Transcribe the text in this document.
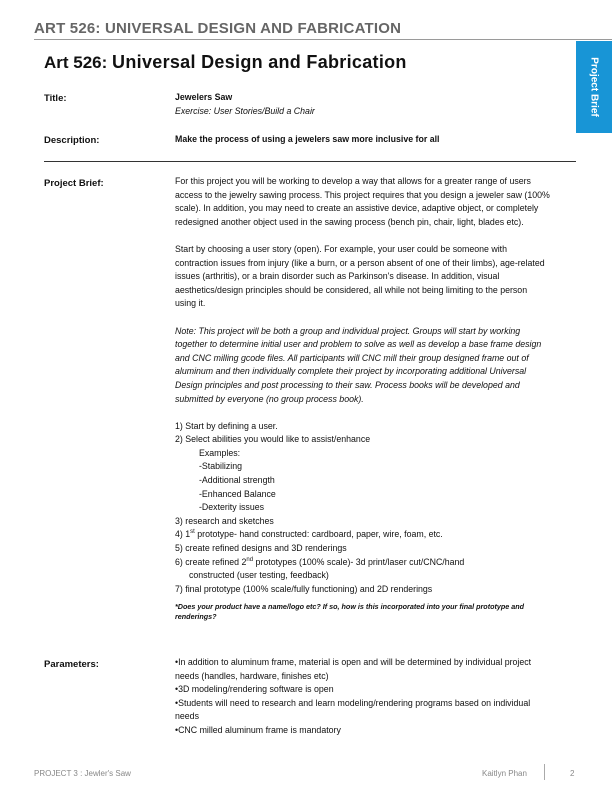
ART 526: UNIVERSAL DESIGN AND FABRICATION
Project Brief
Art 526: Universal Design and Fabrication
Title:	Jewelers Saw
Exercise: User Stories/Build a Chair
Description:	Make the process of using a jewelers saw more inclusive for all
Project Brief:	For this project you will be working to develop a way that allows for a greater range of users access to the jewelry sawing process. This project requires that you design a jeweler saw (100% scale). In addition, you may need to create an assistive device, adaptive object, or completely redesigned another object used in the sawing process (bench pin, chair, light, blades etc).

Start by choosing a user story (open). For example, your user could be someone with contraction issues from injury (like a burn, or a person absent of one of their limbs), age-related issues (arthritis), or a brain disorder such as Parkinson's disease. In addition, visual aesthetics/design principles should be considered, all while not being limiting to the person using it.

Note: This project will be both a group and individual project. Groups will start by working together to determine initial user and problem to solve as well as develop a base frame design and CNC milling gcode files. All participants will CNC mill their group designed frame out of aluminum and then individually complete their project by incorporating additional Universal Design principles and post processing to their saw. Process books will be developed and submitted by everyone (no group process book).

1) Start by defining a user.
2) Select abilities you would like to assist/enhance
Examples:
-Stabilizing
-Additional strength
-Enhanced Balance
-Dexterity issues
3) research and sketches
4) 1st prototype- hand constructed: cardboard, paper, wire, foam, etc.
5) create refined designs and 3D renderings
6) create refined 2nd prototypes (100% scale)- 3d print/laser cut/CNC/hand
constructed (user testing, feedback)
7) final prototype (100% scale/fully functioning) and 2D renderings
*Does your product have a name/logo etc? If so, how is this incorporated into your final prototype and renderings?
Parameters:	•In addition to aluminum frame, material is open and will be determined by individual project needs (handles, hardware, finishes etc)
•3D modeling/rendering software is open
•Students will need to research and learn modeling/rendering programs based on individual needs
•CNC milled aluminum frame is mandatory
PROJECT 3 : Jewler's Saw	Kaitlyn Phan	2
